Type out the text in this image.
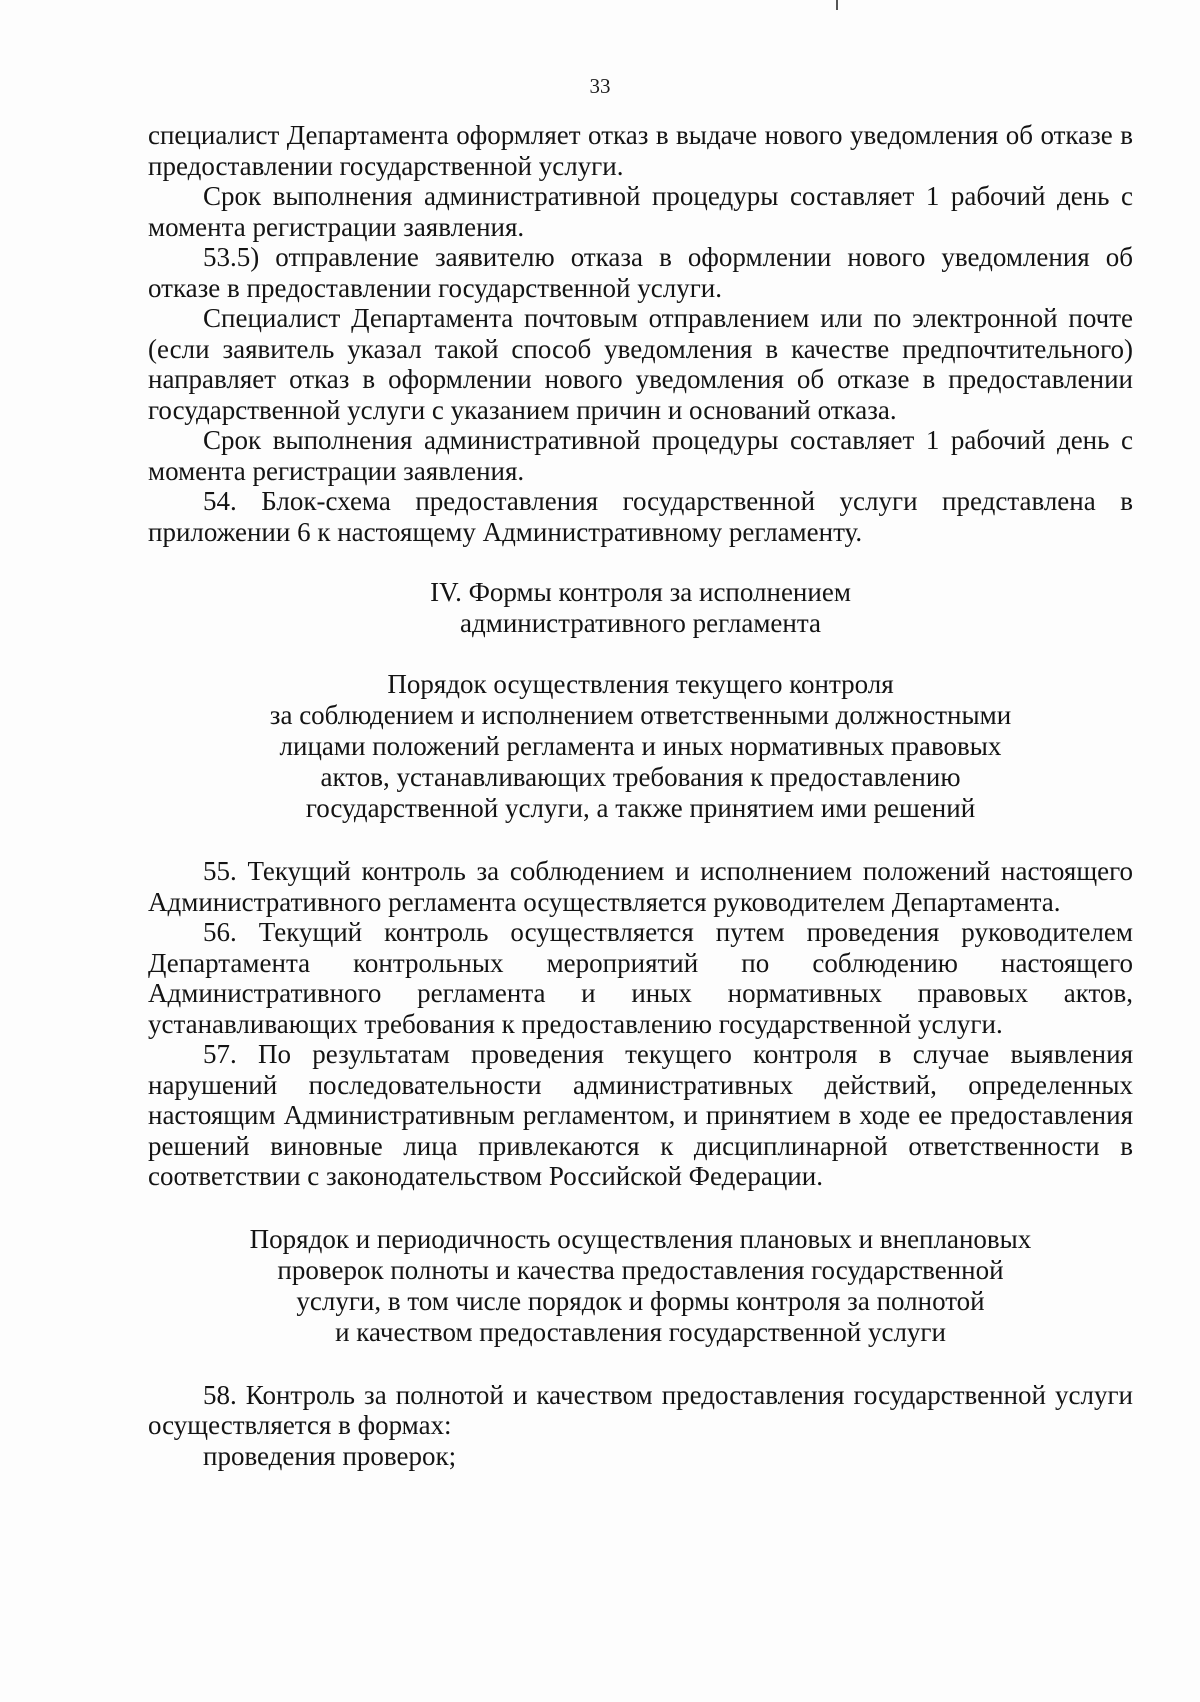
33

специалист Департамента оформляет отказ в выдаче нового уведомления об отказе в предоставлении государственной услуги.

Срок выполнения административной процедуры составляет 1 рабочий день с момента регистрации заявления.

53.5) отправление заявителю отказа в оформлении нового уведомления об отказе в предоставлении государственной услуги.

Специалист Департамента почтовым отправлением или по электронной почте (если заявитель указал такой способ уведомления в качестве предпочтительного) направляет отказ в оформлении нового уведомления об отказе в предоставлении государственной услуги с указанием причин и оснований отказа.

Срок выполнения административной процедуры составляет 1 рабочий день с момента регистрации заявления.

54. Блок-схема предоставления государственной услуги представлена в приложении 6 к настоящему Административному регламенту.

IV. Формы контроля за исполнением

административного регламента

Порядок осуществления текущего контроля

за соблюдением и исполнением ответственными должностными

лицами положений регламента и иных нормативных правовых

актов, устанавливающих требования к предоставлению

государственной услуги, а также принятием ими решений

55. Текущий контроль за соблюдением и исполнением положений настоящего Административного регламента осуществляется руководителем Департамента.

56. Текущий контроль осуществляется путем проведения руководителем Департамента контрольных мероприятий по соблюдению настоящего Административного регламента и иных нормативных правовых актов, устанавливающих требования к предоставлению государственной услуги.

57. По результатам проведения текущего контроля в случае выявления нарушений последовательности административных действий, определенных настоящим Административным регламентом, и принятием в ходе ее предоставления решений виновные лица привлекаются к дисциплинарной ответственности в соответствии с законодательством Российской Федерации.

Порядок и периодичность осуществления плановых и внеплановых

проверок полноты и качества предоставления государственной

услуги, в том числе порядок и формы контроля за полнотой

и качеством предоставления государственной услуги

58. Контроль за полнотой и качеством предоставления государственной услуги осуществляется в формах:

проведения проверок;
